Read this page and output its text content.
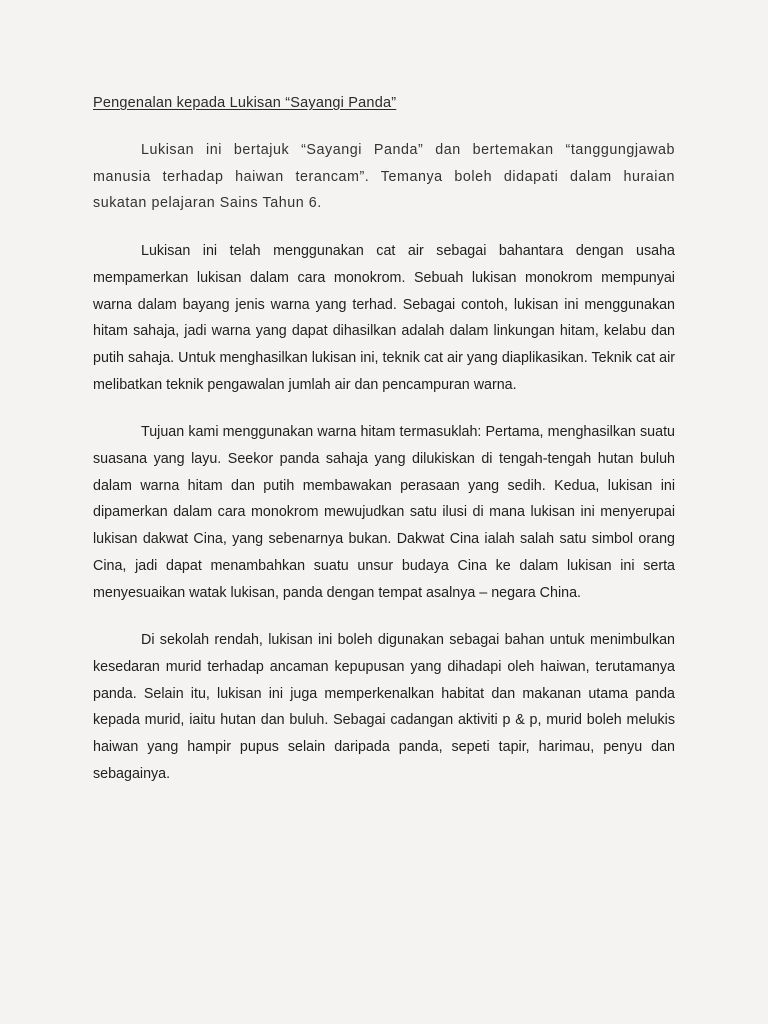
Pengenalan kepada Lukisan “Sayangi Panda”

Lukisan ini bertajuk “Sayangi Panda” dan bertemakan “tanggungjawab manusia terhadap haiwan terancam”. Temanya boleh didapati dalam huraian sukatan pelajaran Sains Tahun 6.

Lukisan ini telah menggunakan cat air sebagai bahantara dengan usaha mempamerkan lukisan dalam cara monokrom. Sebuah lukisan monokrom mempunyai warna dalam bayang jenis warna yang terhad. Sebagai contoh, lukisan ini menggunakan hitam sahaja, jadi warna yang dapat dihasilkan adalah dalam linkungan hitam, kelabu dan putih sahaja. Untuk menghasilkan lukisan ini, teknik cat air yang diaplikasikan. Teknik cat air melibatkan teknik pengawalan jumlah air dan pencampuran warna.

Tujuan kami menggunakan warna hitam termasuklah: Pertama, menghasilkan suatu suasana yang layu. Seekor panda sahaja yang dilukiskan di tengah-tengah hutan buluh dalam warna hitam dan putih membawakan perasaan yang sedih. Kedua, lukisan ini dipamerkan dalam cara monokrom mewujudkan satu ilusi di mana lukisan ini menyerupai lukisan dakwat Cina, yang sebenarnya bukan. Dakwat Cina ialah salah satu simbol orang Cina, jadi dapat menambahkan suatu unsur budaya Cina ke dalam lukisan ini serta menyesuaikan watak lukisan, panda dengan tempat asalnya – negara China.

Di sekolah rendah, lukisan ini boleh digunakan sebagai bahan untuk menimbulkan kesedaran murid terhadap ancaman kepupusan yang dihadapi oleh haiwan, terutamanya panda. Selain itu, lukisan ini juga memperkenalkan habitat dan makanan utama panda kepada murid, iaitu hutan dan buluh. Sebagai cadangan aktiviti p & p, murid boleh melukis haiwan yang hampir pupus selain daripada panda, sepeti tapir, harimau, penyu dan sebagainya.
